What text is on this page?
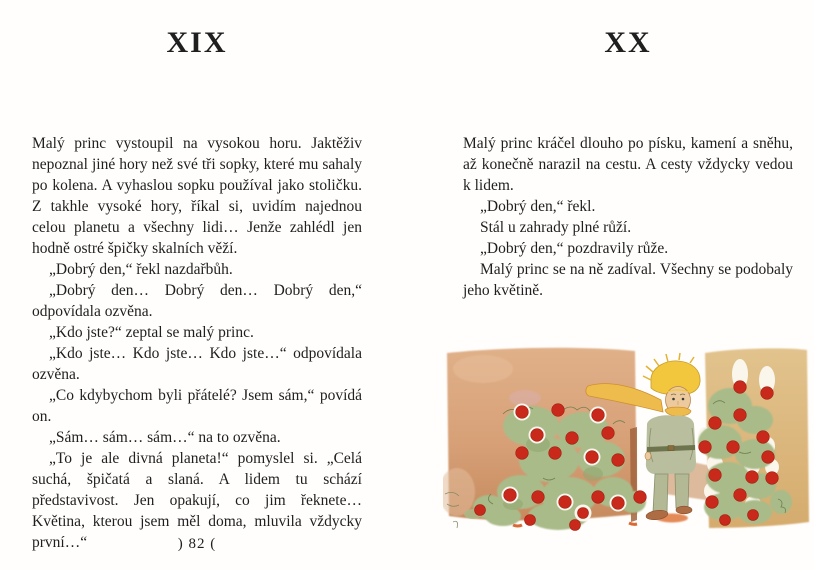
XIX

Malý princ vystoupil na vysokou horu. Jaktěživ nepoznal jiné hory než své tři sopky, které mu sahaly po kolena. A vyhaslou sopku používal jako stoličku. Z takhle vysoké hory, říkal si, uvidím najednou celou planetu a všechny lidi… Jenže zahlédl jen hodně ostré špičky skalních věží.

„Dobrý den,“ řekl nazdařbůh.

„Dobrý den… Dobrý den… Dobrý den,“ odpovídala ozvěna.

„Kdo jste?“ zeptal se malý princ.

„Kdo jste… Kdo jste… Kdo jste…“ odpovídala ozvěna.

„Co kdybychom byli přátelé? Jsem sám,“ povídá on.

„Sám… sám… sám…“ na to ozvěna.

„To je ale divná planeta!“ pomyslel si. „Celá suchá, špičatá a slaná. A lidem tu schází představivost. Jen opakují, co jim řeknete… Květina, kterou jsem měl doma, mluvila vždycky první…“	) 82 (
XX

Malý princ kráčel dlouho po písku, kamení a sněhu, až konečně narazil na cestu. A cesty vždycky vedou k lidem.

„Dobrý den,“ řekl.

Stál u zahrady plné růží.

„Dobrý den,“ pozdravily růže.

Malý princ se na ně zadíval. Všechny se podobaly jeho květině.
